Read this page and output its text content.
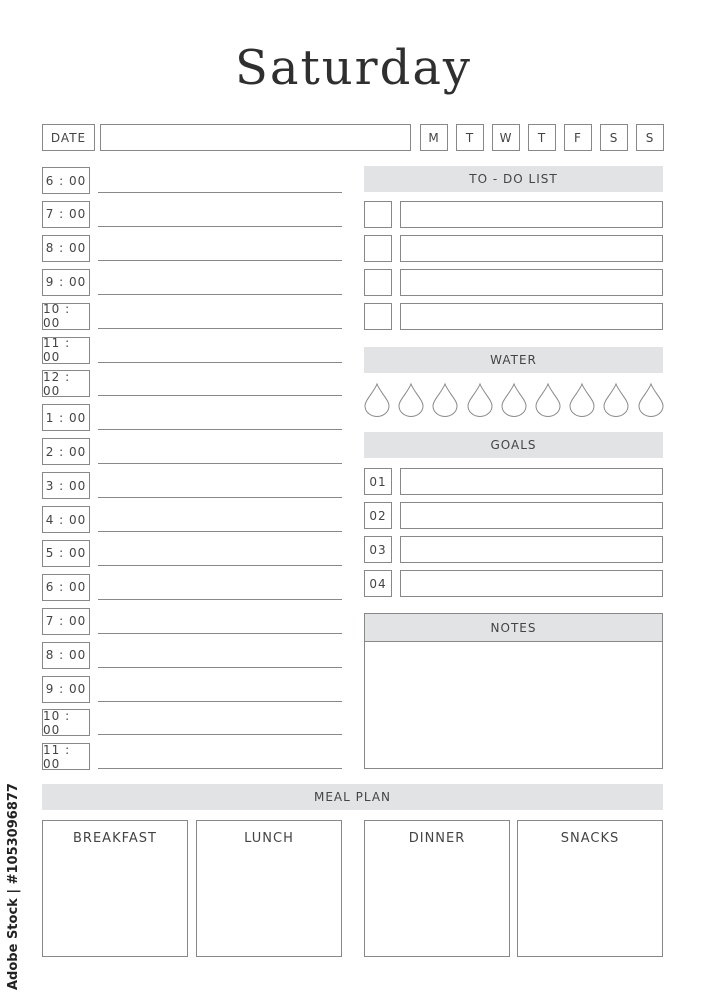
Saturday
DATE	M	T	W	T	F	S	S
6 : 00
7 : 00
8 : 00
9 : 00
10 : 00
11 : 00
12 : 00
1 : 00
2 : 00
3 : 00
4 : 00
5 : 00
6 : 00
7 : 00
8 : 00
9 : 00
10 : 00
11 : 00
TO - DO LIST
WATER
GOALS
01
02
03
04
NOTES
MEAL PLAN
BREAKFAST	LUNCH	DINNER	SNACKS
Adobe Stock | #1053096877
